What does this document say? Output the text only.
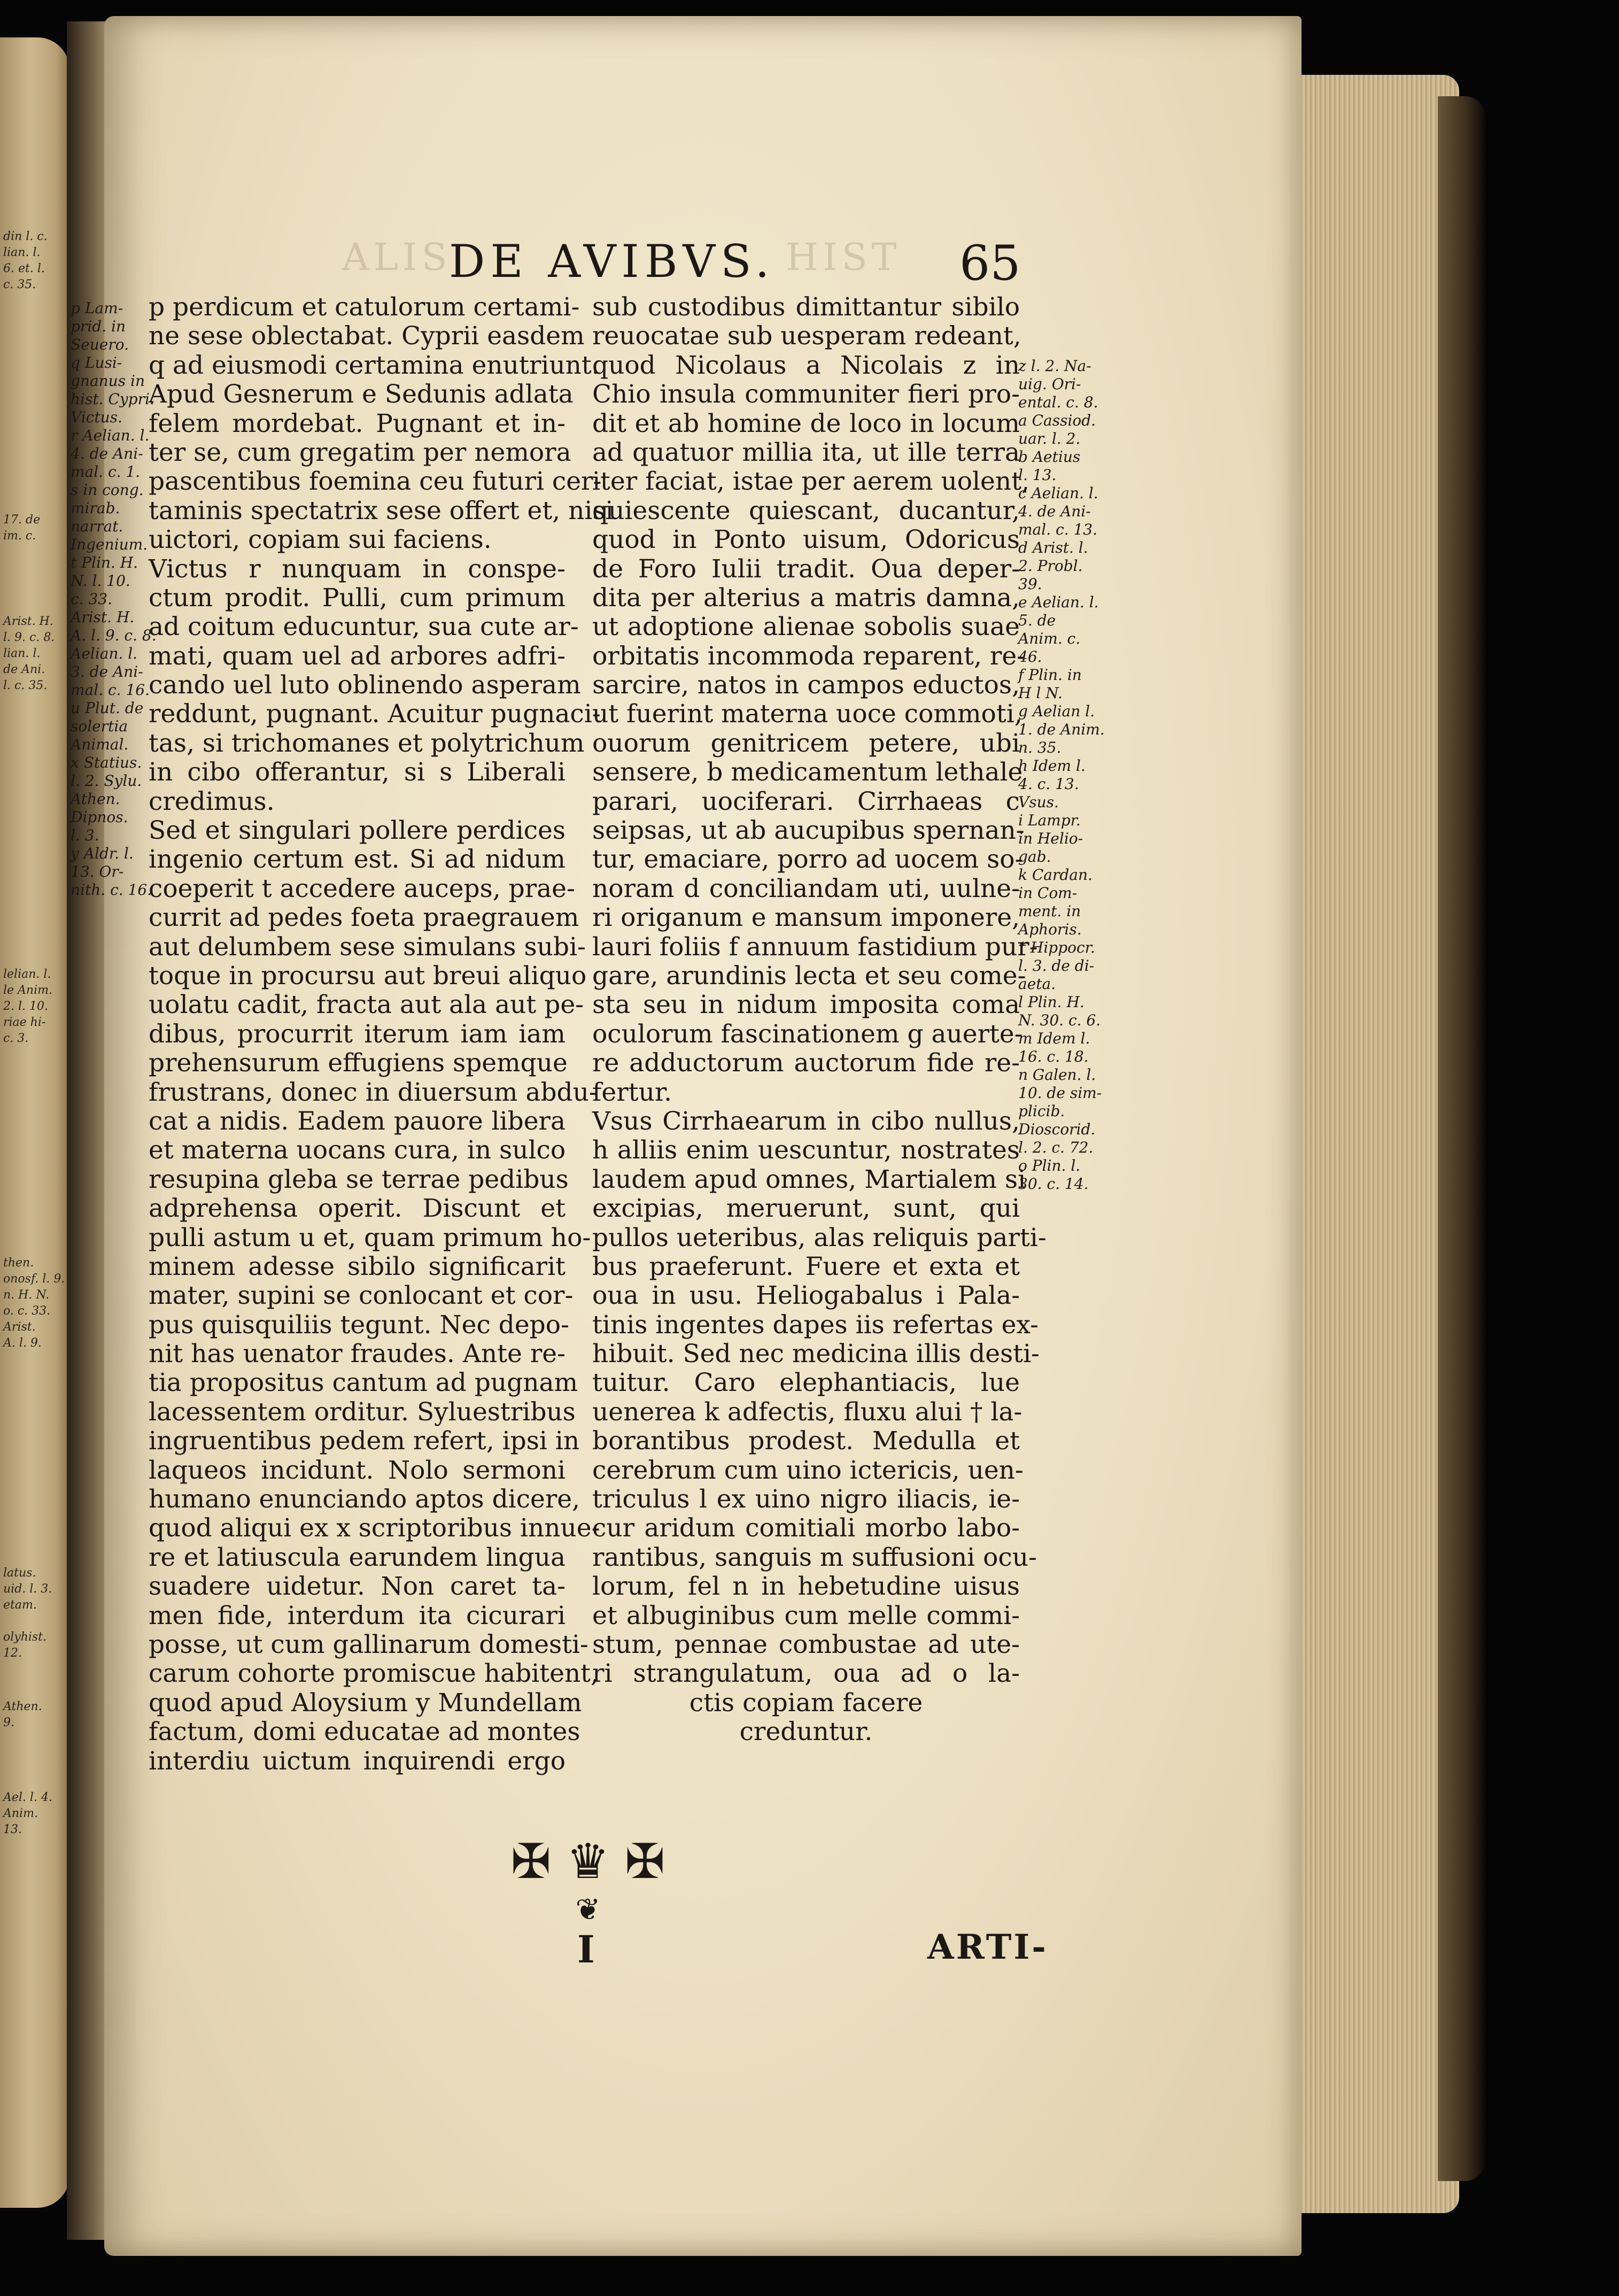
din l. c.
lian. l.
6. et. l.
c. 35.
17. de
im. c.
Arist. H.
l. 9. c. 8.
lian. l.
de Ani.
l. c. 35.
lelian. l.
le Anim.
2. l. 10.
riae hi-
c. 3.
then.
onosf. l. 9.
n. H. N.
o. c. 33.
Arist.
A. l. 9.
latus.
uid. l. 3.
etam.
olyhist.
12.
Athen.
9.
Ael. l. 4.
Anim.
13.
ALIS	HIST
DE AVIBVS.	65
p perdicum et catulorum certami-
ne sese oblectabat. Cyprii easdem
q ad eiusmodi certamina enutriunt.
Apud Gesnerum e Sedunis adlata
felem mordebat. Pugnant et in-
ter se, cum gregatim per nemora
pascentibus foemina ceu futuri cer-
taminis spectatrix sese offert et, nisi
uictori, copiam sui faciens.
Victus r nunquam in conspe-
ctum prodit. Pulli, cum primum
ad coitum educuntur, sua cute ar-
mati, quam uel ad arbores adfri-
cando uel luto oblinendo asperam
reddunt, pugnant. Acuitur pugnaci-
tas, si trichomanes et polytrichum
in cibo offerantur, si s Liberali
credimus.
Sed et singulari pollere perdices
ingenio certum est. Si ad nidum
coeperit t accedere auceps, prae-
currit ad pedes foeta praegrauem
aut delumbem sese simulans subi-
toque in procursu aut breui aliquo
uolatu cadit, fracta aut ala aut pe-
dibus, procurrit iterum iam iam
prehensurum effugiens spemque
frustrans, donec in diuersum abdu-
cat a nidis. Eadem pauore libera
et materna uocans cura, in sulco
resupina gleba se terrae pedibus
adprehensa operit. Discunt et
pulli astum u et, quam primum ho-
minem adesse sibilo significarit
mater, supini se conlocant et cor-
pus quisquiliis tegunt. Nec depo-
nit has uenator fraudes. Ante re-
tia propositus cantum ad pugnam
lacessentem orditur. Syluestribus
ingruentibus pedem refert, ipsi in
laqueos incidunt. Nolo sermoni
humano enunciando aptos dicere,
quod aliqui ex x scriptoribus innue-
re et latiuscula earundem lingua
suadere uidetur. Non caret ta-
men fide, interdum ita cicurari
posse, ut cum gallinarum domesti-
carum cohorte promiscue habitent,
quod apud Aloysium y Mundellam
factum, domi educatae ad montes
interdiu uictum inquirendi ergo
sub custodibus dimittantur sibilo
reuocatae sub uesperam redeant,
quod Nicolaus a Nicolais z in
Chio insula communiter fieri pro-
dit et ab homine de loco in locum
ad quatuor millia ita, ut ille terra
iter faciat, istae per aerem uolent,
quiescente quiescant, ducantur,
quod in Ponto uisum, Odoricus
de Foro Iulii tradit. Oua deper-
dita per alterius a matris damna,
ut adoptione alienae sobolis suae
orbitatis incommoda reparent, re-
sarcire, natos in campos eductos,
ut fuerint materna uoce commoti,
ouorum genitricem petere, ubi
sensere, b medicamentum lethale
parari, uociferari. Cirrhaeas c
seipsas, ut ab aucupibus spernan-
tur, emaciare, porro ad uocem so-
noram d conciliandam uti, uulne-
ri origanum e mansum imponere,
lauri foliis f annuum fastidium pur-
gare, arundinis lecta et seu come-
sta seu in nidum imposita coma
oculorum fascinationem g auerte-
re adductorum auctorum fide re-
fertur.
Vsus Cirrhaearum in cibo nullus,
h alliis enim uescuntur, nostrates
laudem apud omnes, Martialem si
excipias, meruerunt, sunt, qui
pullos ueteribus, alas reliquis parti-
bus praeferunt. Fuere et exta et
oua in usu. Heliogabalus i Pala-
tinis ingentes dapes iis refertas ex-
hibuit. Sed nec medicina illis desti-
tuitur. Caro elephantiacis, lue
uenerea k adfectis, fluxu alui † la-
borantibus prodest. Medulla et
cerebrum cum uino ictericis, uen-
triculus l ex uino nigro iliacis, ie-
cur aridum comitiali morbo labo-
rantibus, sanguis m suffusioni ocu-
lorum, fel n in hebetudine uisus
et albuginibus cum melle commi-
stum, pennae combustae ad ute-
ri strangulatum, oua ad o la-
ctis copiam facere
creduntur.
p Lam-
prid. in
Seuero.
q Lusi-
gnanus in
hist. Cypri.
Victus.
r Aelian. l.
4. de Ani-
mal. c. 1.
s in cong.
mirab.
narrat.
Ingenium.
t Plin. H.
N. l. 10.
c. 33.
Arist. H.
A. l. 9. c. 8.
Aelian. l.
3. de Ani-
mal. c. 16.
u Plut. de
solertia
Animal.
x Statius.
l. 2. Sylu.
Athen.
Dipnos.
l. 3.
y Aldr. l.
13. Or-
nith. c. 16.
z l. 2. Na-
uig. Ori-
ental. c. 8.
a Cassiod.
uar. l. 2.
b Aetius
l. 13.
c Aelian. l.
4. de Ani-
mal. c. 13.
d Arist. l.
2. Probl.
39.
e Aelian. l.
5. de
Anim. c.
46.
f Plin. in
H l N.
g Aelian l.
1. de Anim.
n. 35.
h Idem l.
4. c. 13.
Vsus.
i Lampr.
in Helio-
gab.
k Cardan.
in Com-
ment. in
Aphoris.
† Hippocr.
l. 3. de di-
aeta.
l Plin. H.
N. 30. c. 6.
m Idem l.
16. c. 18.
n Galen. l.
10. de sim-
plicib.
Dioscorid.
l. 2. c. 72.
o Plin. l.
30. c. 14.
✠ ♛ ✠
❦
I	ARTI-
